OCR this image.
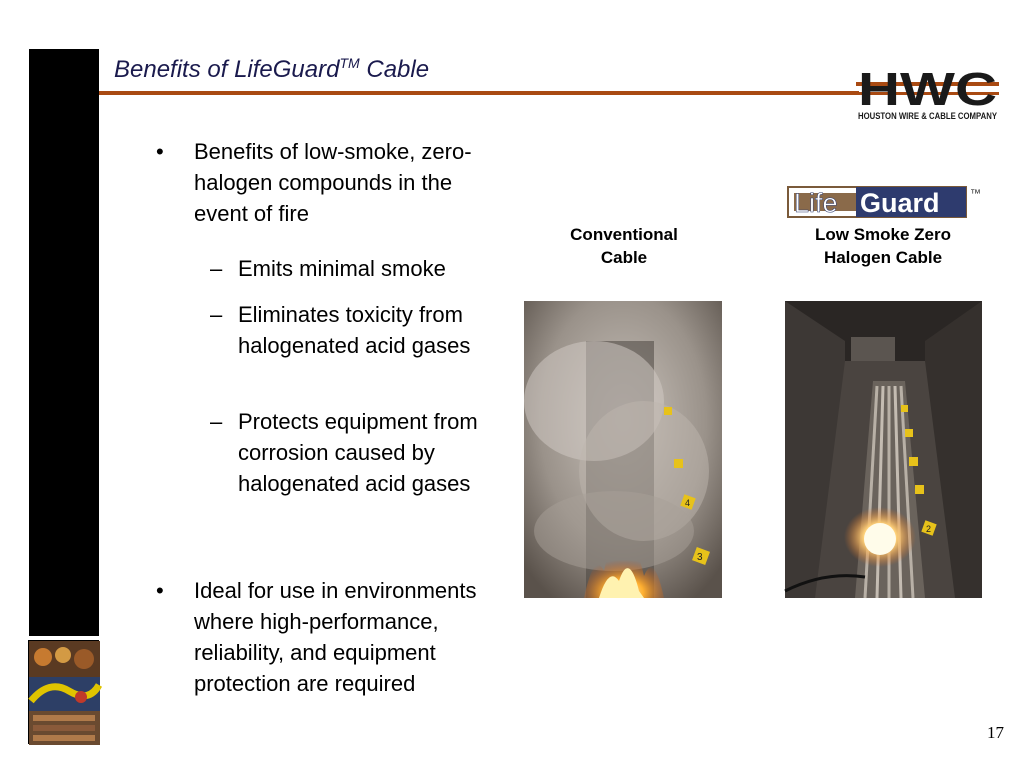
Benefits of LifeGuard™ Cable	HWC
HOUSTON WIRE & CABLE COMPANY
•	Benefits of low-smoke, zero-halogen compounds in the event of fire
– Emits minimal smoke
– Eliminates toxicity from halogenated acid gases
– Protects equipment from corrosion caused by halogenated acid gases
•	Ideal for use in environments where high-performance, reliability, and equipment protection are required
Life Guard	™
Conventional Cable
Low Smoke Zero Halogen Cable
3
4
2
17
